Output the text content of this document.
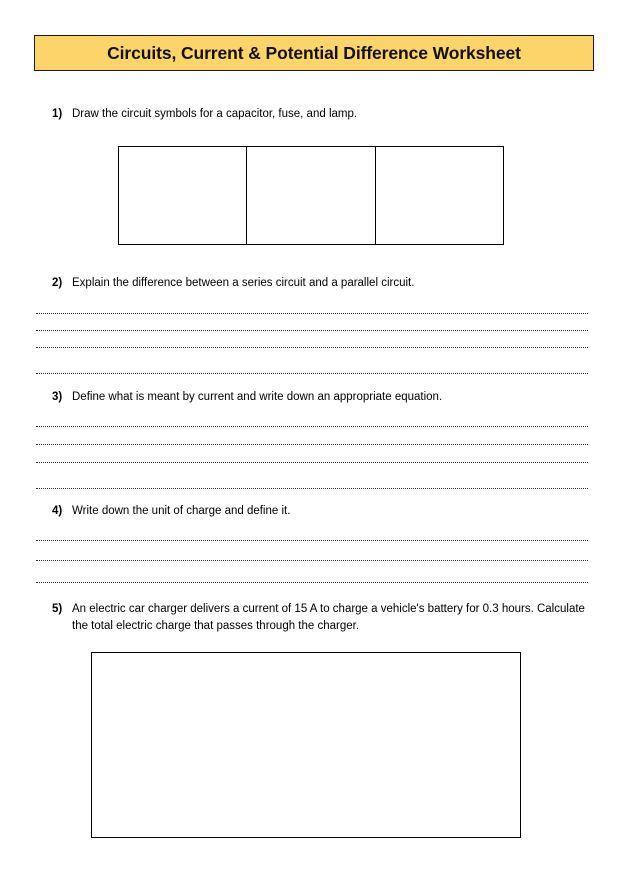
Circuits, Current & Potential Difference Worksheet
1) Draw the circuit symbols for a capacitor, fuse, and lamp.
2) Explain the difference between a series circuit and a parallel circuit.
3) Define what is meant by current and write down an appropriate equation.
4) Write down the unit of charge and define it.
5) An electric car charger delivers a current of 15 A to charge a vehicle's battery for 0.3 hours. Calculate the total electric charge that passes through the charger.
